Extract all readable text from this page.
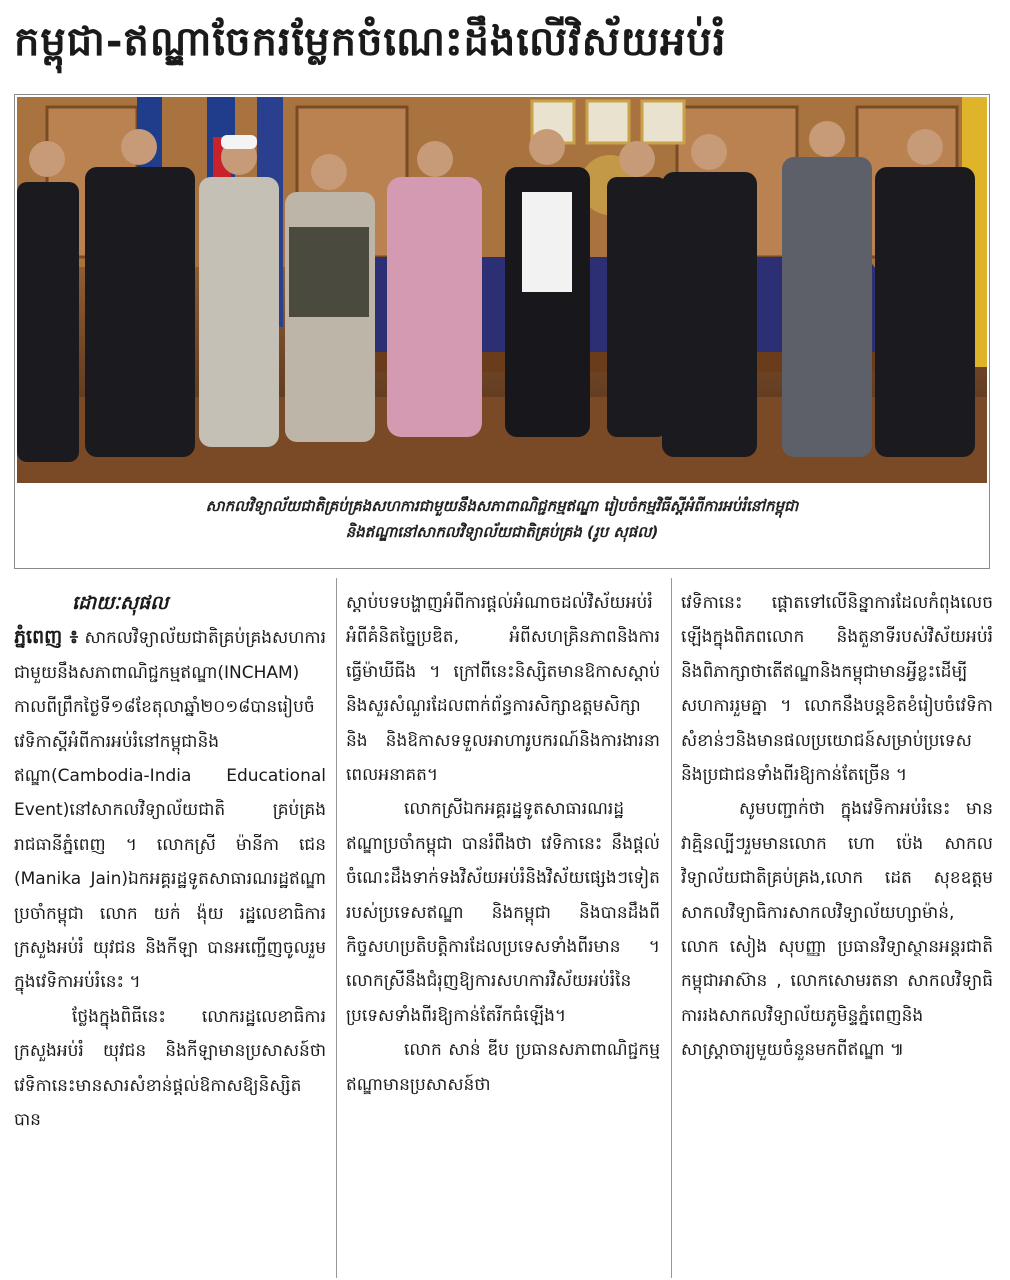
កម្ពុជា-ឥណ្ឌាចែករម្លែកចំណេះដឹងលើវិស័យអប់រំ
សាកលវិទ្យាល័យជាតិគ្រប់គ្រងសហការជាមួយនឹងសភាពាណិជ្ជកម្មឥណ្ឌា រៀបចំកម្មវិធីស្តីអំពីការអប់រំនៅកម្ពុជា
និងឥណ្ឌានៅសាកលវិទ្យាល័យជាតិគ្រប់គ្រង (រូប សុផល)

ដោយៈសុផល

ភ្នំពេញ ៖ សាកលវិទ្យាល័យជាតិគ្រប់គ្រងសហការជាមួយនឹងសភាពាណិជ្ជកម្មឥណ្ឌា(INCHAM) កាលពីព្រឹកថ្ងៃទី១៨ខែតុលាឆ្នាំ២០១៨បានរៀបចំវេទិកាស្តីអំពីការអប់រំនៅកម្ពុជានិងឥណ្ឌា(Cambodia-India Educational Event)នៅសាកលវិទ្យាល័យជាតិ គ្រប់គ្រងរាជធានីភ្នំពេញ ។ លោកស្រី ម៉ានីកា ជេន (Manika Jain)ឯកអគ្គរដ្ឋទូតសាធារណរដ្ឋឥណ្ឌាប្រចាំកម្ពុជា លោក យក់ ង៉ុយ រដ្ឋលេខាធិការក្រសួងអប់រំ យុវជន និងកីឡា បានអញ្ជើញចូលរួមក្នុងវេទិកាអប់រំនេះ ។

ថ្លែងក្នុងពិធីនេះ លោករដ្ឋលេខាធិការក្រសួងអប់រំ យុវជន និងកីឡាមានប្រសាសន៍ថា វេទិកានេះមានសារសំខាន់ផ្តល់ឱកាសឱ្យនិស្សិតបាន

ស្តាប់បទបង្ហាញអំពីការផ្តល់អំណាចដល់វិស័យអប់រំ អំពីគំនិតច្នៃប្រឌិត, អំពីសហគ្រិនភាពនិងការធ្វើម៉ាឃីធីង ។ ក្រៅពីនេះនិស្សិតមានឱកាសស្តាប់និងសួរសំណួរដែលពាក់ព័ន្ធការសិក្សាឧត្តមសិក្សានិង និងឱកាសទទួលអាហារូបករណ៍និងការងារនាពេលអនាគត។

លោកស្រីឯកអគ្គរដ្ឋទូតសាធារណរដ្ឋឥណ្ឌាប្រចាំកម្ពុជា បានរំពឹងថា វេទិកានេះ នឹងផ្តល់ចំណេះដឹងទាក់ទងវិស័យអប់រំនិងវិស័យផ្សេងៗទៀតរបស់ប្រទេសឥណ្ឌា និងកម្ពុជា និងបានដឹងពីកិច្ចសហប្រតិបត្តិការដែលប្រទេសទាំងពីរមាន ។ លោកស្រីនឹងជំរុញឱ្យការសហការវិស័យអប់រំនៃប្រទេសទាំងពីរឱ្យកាន់តែរីកធំឡើង។

លោក សាន់ ឌីប ប្រធានសភាពាណិជ្ជកម្មឥណ្ឌាមានប្រសាសន៍ថា

វេទិកានេះ ផ្តោតទៅលើនិន្នាការដែលកំពុងលេចឡើងក្នុងពិភពលោក និងតួនាទីរបស់វិស័យអប់រំ និងពិភាក្សាថាតើឥណ្ឌានិងកម្ពុជាមានអ្វីខ្លះដើម្បីសហការរួមគ្នា ។ លោកនឹងបន្តខិតខំរៀបចំវេទិកាសំខាន់ៗនិងមានផលប្រយោជន៍សម្រាប់ប្រទេសនិងប្រជាជនទាំងពីរឱ្យកាន់តែច្រើន ។

សូមបញ្ជាក់ថា ក្នុងវេទិកាអប់រំនេះ មានវាគ្មិនល្បីៗរួមមានលោក ហោ ប៉េង សាកលវិទ្យាល័យជាតិគ្រប់គ្រង,លោក ដេត សុខឧត្តម សាកលវិទ្យាធិការសាកលវិទ្យាល័យហ្សាម៉ាន់, លោក សៀង សុបញ្ញា ប្រធានវិទ្យាស្ថានអន្តរជាតិកម្ពុជាអាស៊ាន , លោកសោមរតនា សាកលវិទ្យាធិការរងសាកលវិទ្យាល័យភូមិន្ទភ្នំពេញនិងសាស្ត្រាចារ្យមួយចំនួនមកពីឥណ្ឌា ៕
